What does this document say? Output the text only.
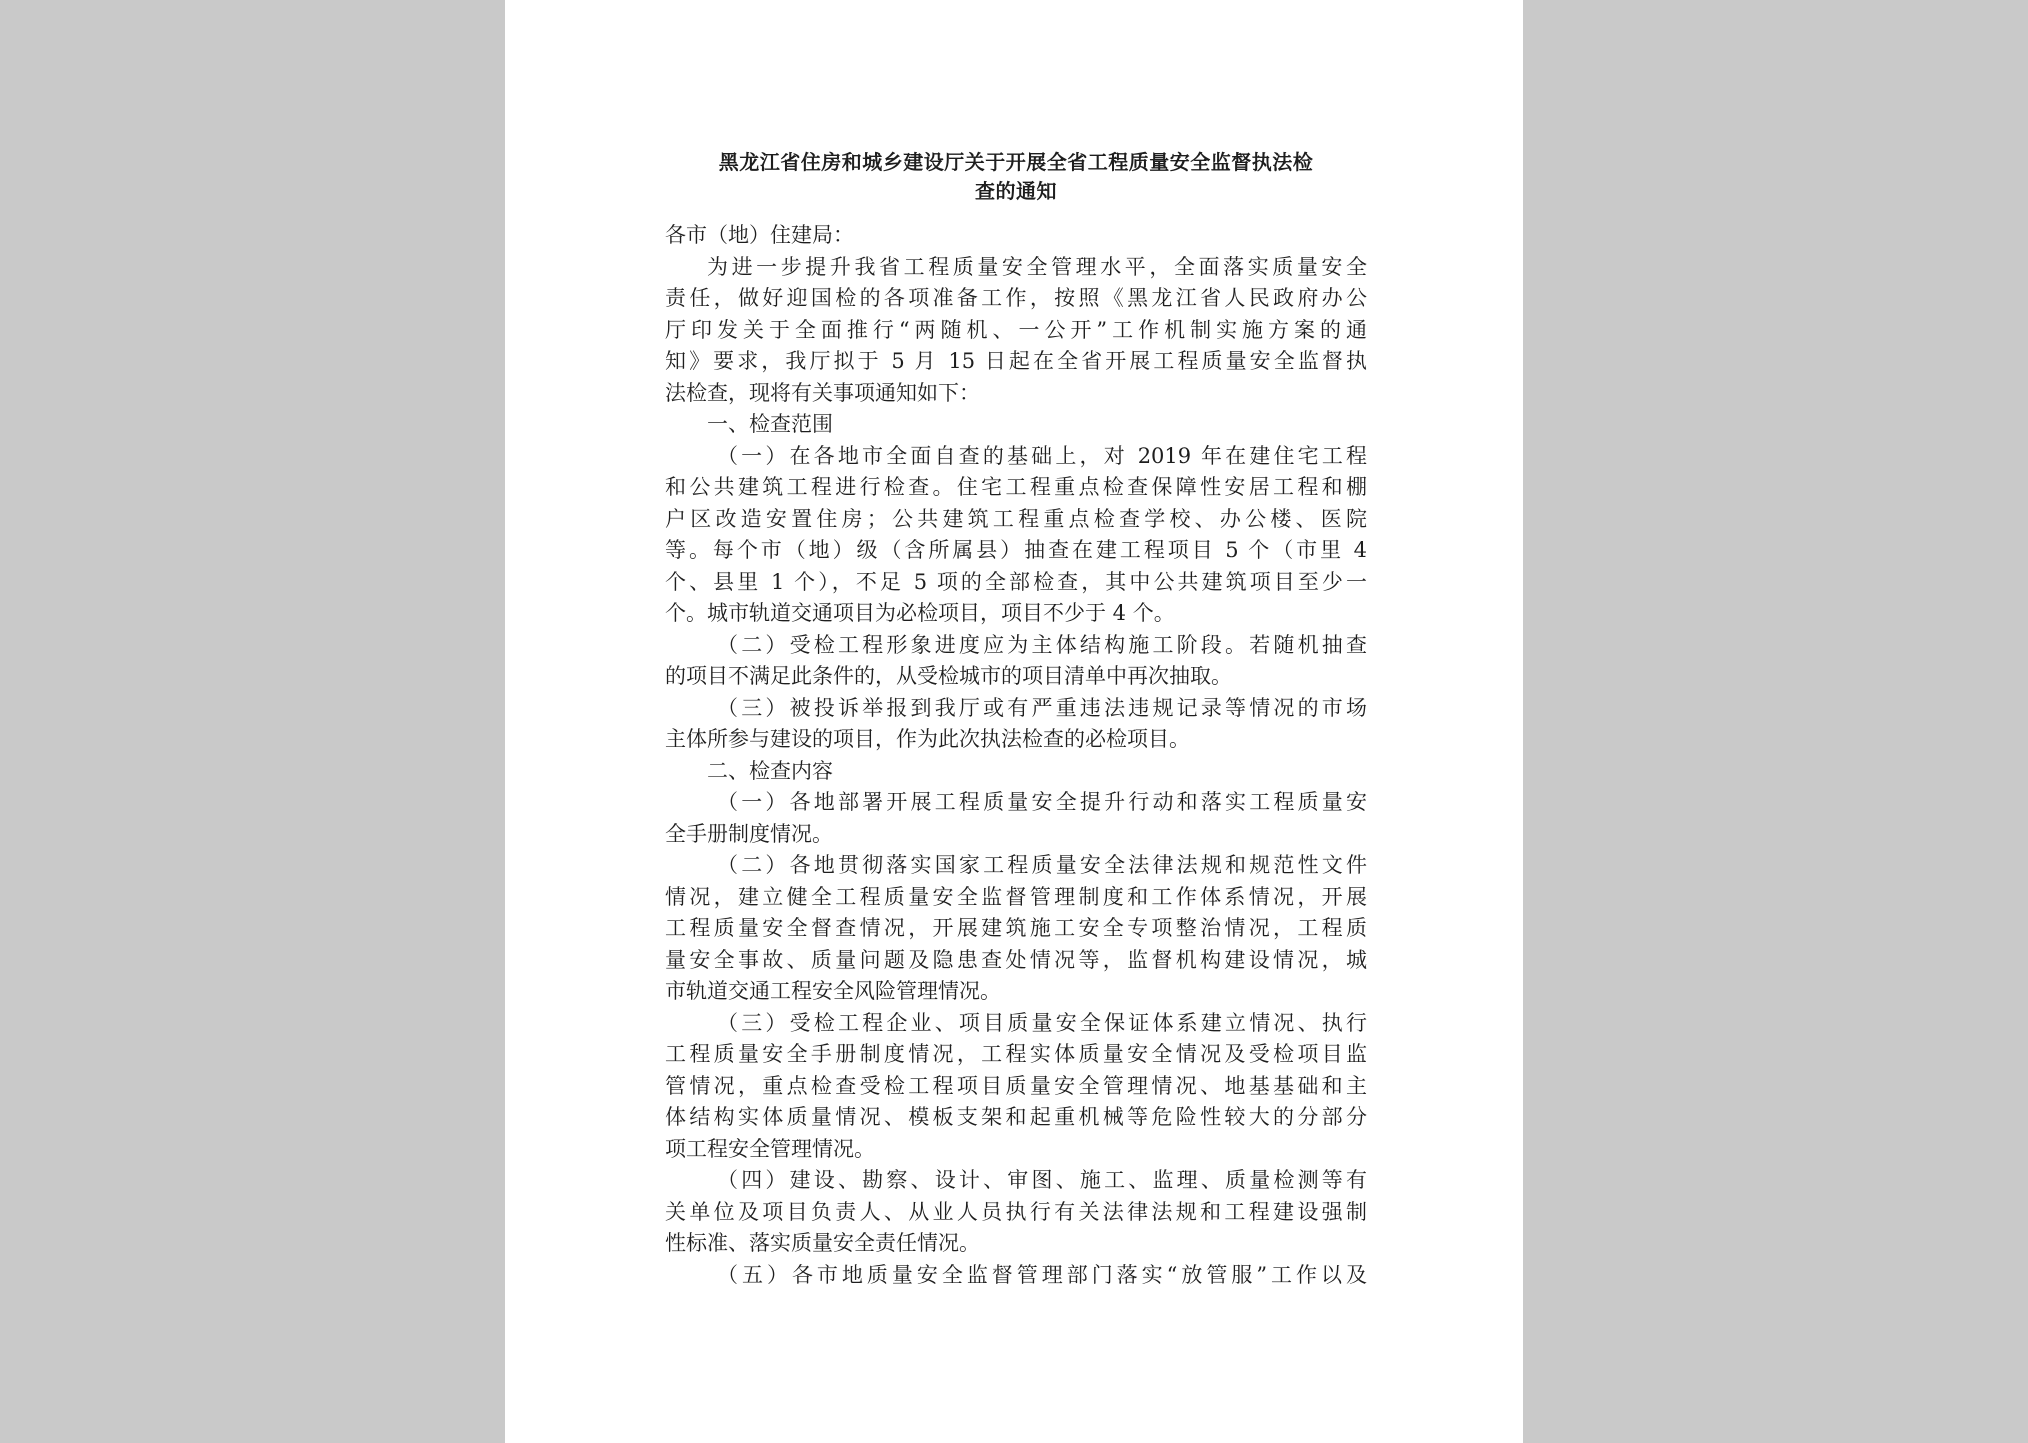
黑龙江省住房和城乡建设厅关于开展全省工程质量安全监督执法检
查的通知
各市（地）住建局：
为进一步提升我省工程质量安全管理水平，全面落实质量安全
责任，做好迎国检的各项准备工作，按照《黑龙江省人民政府办公
厅印发关于全面推行“两随机、一公开”工作机制实施方案的通
知》要求，我厅拟于 5 月 15 日起在全省开展工程质量安全监督执
法检查，现将有关事项通知如下：
一、检查范围
（一）在各地市全面自查的基础上，对 2019 年在建住宅工程
和公共建筑工程进行检查。住宅工程重点检查保障性安居工程和棚
户区改造安置住房；公共建筑工程重点检查学校、办公楼、医院
等。每个市（地）级（含所属县）抽查在建工程项目 5 个（市里 4
个、县里 1 个），不足 5 项的全部检查，其中公共建筑项目至少一
个。城市轨道交通项目为必检项目，项目不少于 4 个。
（二）受检工程形象进度应为主体结构施工阶段。若随机抽查
的项目不满足此条件的，从受检城市的项目清单中再次抽取。
（三）被投诉举报到我厅或有严重违法违规记录等情况的市场
主体所参与建设的项目，作为此次执法检查的必检项目。
二、检查内容
（一）各地部署开展工程质量安全提升行动和落实工程质量安
全手册制度情况。
（二）各地贯彻落实国家工程质量安全法律法规和规范性文件
情况，建立健全工程质量安全监督管理制度和工作体系情况，开展
工程质量安全督查情况，开展建筑施工安全专项整治情况，工程质
量安全事故、质量问题及隐患查处情况等，监督机构建设情况，城
市轨道交通工程安全风险管理情况。
（三）受检工程企业、项目质量安全保证体系建立情况、执行
工程质量安全手册制度情况，工程实体质量安全情况及受检项目监
管情况，重点检查受检工程项目质量安全管理情况、地基基础和主
体结构实体质量情况、模板支架和起重机械等危险性较大的分部分
项工程安全管理情况。
（四）建设、勘察、设计、审图、施工、监理、质量检测等有
关单位及项目负责人、从业人员执行有关法律法规和工程建设强制
性标准、落实质量安全责任情况。
（五）各市地质量安全监督管理部门落实“放管服”工作以及
